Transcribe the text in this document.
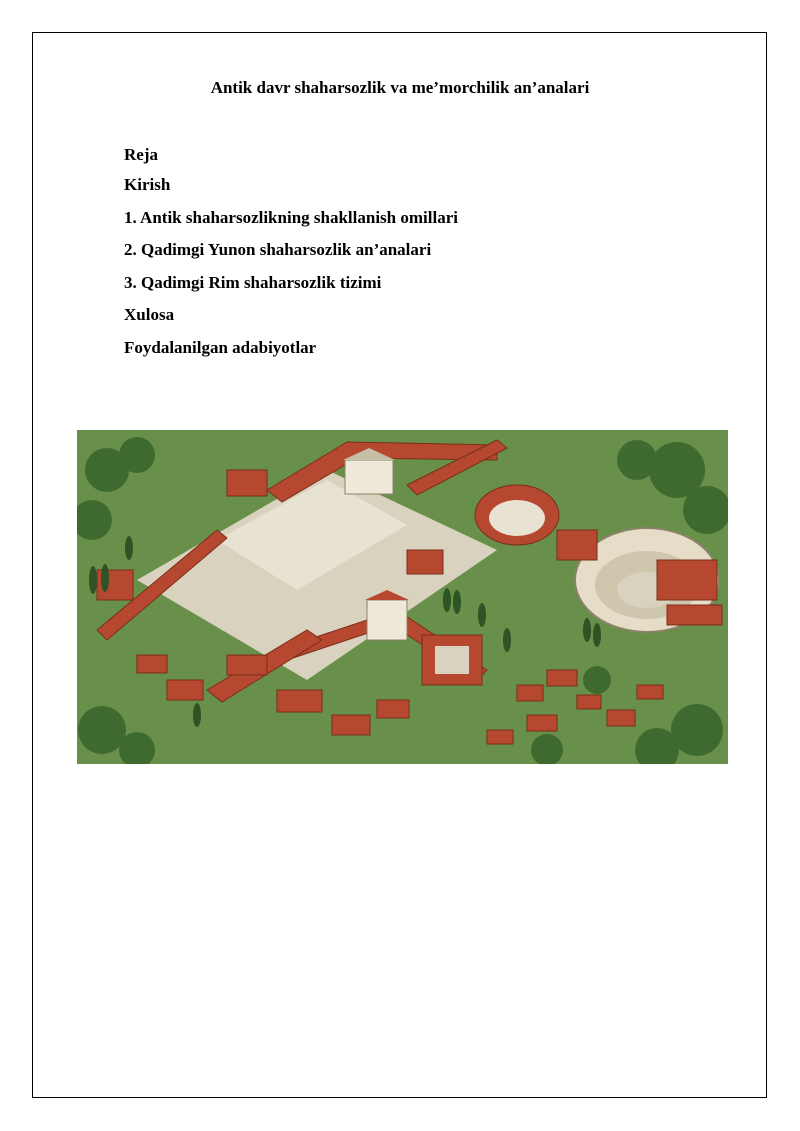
Antik davr shaharsozlik va me’morchilik an’analari
Reja
Kirish
1. Antik shaharsozlikning shakllanish omillari
2. Qadimgi Yunon shaharsozlik an’analari
3. Qadimgi Rim shaharsozlik tizimi
Xulosa
Foydalanilgan adabiyotlar
